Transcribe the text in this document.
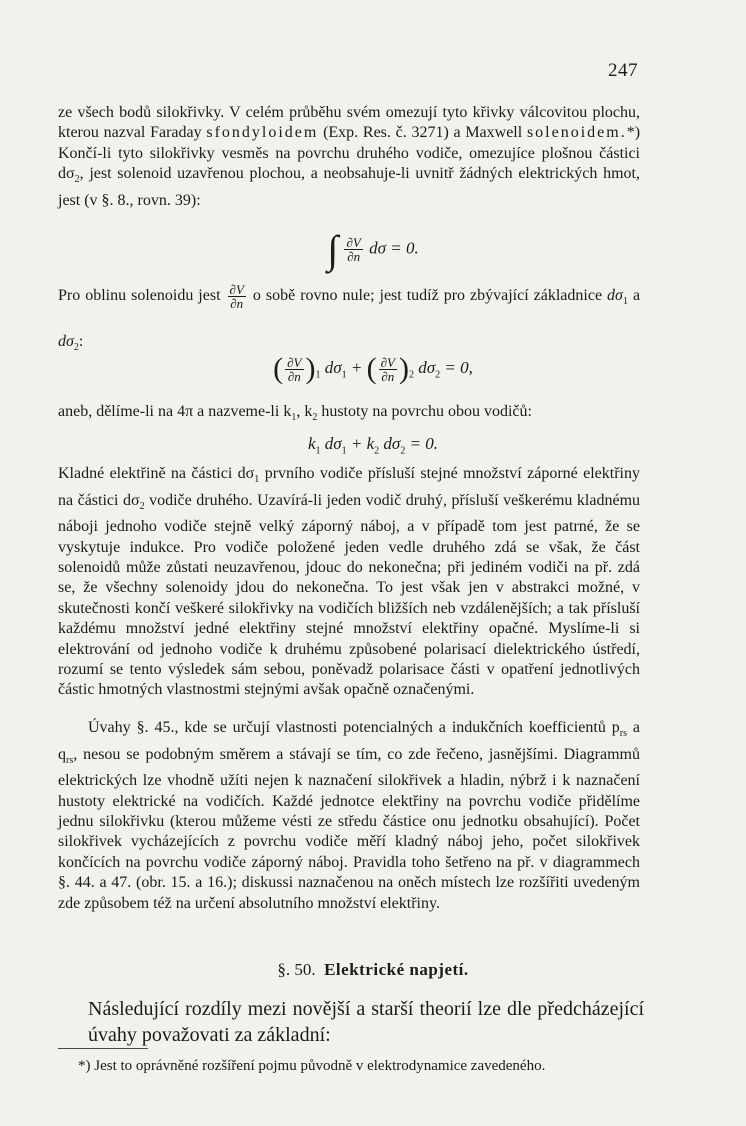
247
ze všech bodů silokřivky. V celém průběhu svém omezují tyto křivky válcovitou plochu, kterou nazval Faraday sfondyloidem (Exp. Res. č. 3271) a Maxwell solenoidem.*) Končí-li tyto silokřivky vesměs na povrchu druhého vodiče, omezujíce plošnou částici $d\sigma_2$, jest solenoid uzavřenou plochou, a neobsahuje-li uvnitř žádných elektrických hmot, jest (v §. 8., rovn. 39):
∫ $\frac{\partial V}{\partial n}$ dσ = 0.
Pro oblinu solenoidu jest $\frac{\partial V}{\partial n}$ o sobě rovno nule; jest tudíž pro zbývající základnice $d\sigma_1$ a $d\sigma_2$:
( $\frac{\partial V}{\partial n} )_1$ $d\sigma_1$ + ( $\frac{\partial V}{\partial n} )_2$ $d\sigma_2 = 0$,
aneb, dělíme-li na 4π a nazveme-li $k_1$, $k_2$ hustoty na povrchu obou vodičů:
$k_1$ $d\sigma_1 + k_2$ $d\sigma_2 = 0$.
Kladné elektřině na částici $d\sigma_1$ prvního vodiče přísluší stejné množství záporné elektřiny na částici $d\sigma_2$ vodiče druhého. Uzavírá-li jeden vodič druhý, přísluší veškerému kladnému náboji jednoho vodiče stejně velký záporný náboj, a v případě tom jest patrné, že se vyskytuje indukce. Pro vodiče položené jeden vedle druhého zdá se však, že část solenoidů může zůstati neuzavřenou, jdouc do nekonečna; při jediném vodiči na př. zdá se, že všechny solenoidy jdou do nekonečna. To jest však jen v abstrakci možné, v skutečnosti končí veškeré silokřivky na vodičích bližších neb vzdálenějších; a tak přísluší každému množství jedné elektřiny stejné množství elektřiny opačné. Myslíme-li si elektrování od jednoho vodiče k druhému způsobené polarisací dielektrického ústředí, rozumí se tento výsledek sám sebou, poněvadž polarisace části v opatření jednotlivých částic hmotných vlastnostmi stejnými avšak opačně označenými.
Úvahy §. 45., kde se určují vlastnosti potencialných a indukčních koefficientů $p_{rs}$ a $q_{rs}$, nesou se podobným směrem a stávají se tím, co zde řečeno, jasnějšími. Diagrammů elektrických lze vhodně užíti nejen k naznačení silokřivek a hladin, nýbrž i k naznačení hustoty elektrické na vodičích. Každé jednotce elektřiny na povrchu vodiče přidělíme jednu silokřivku (kterou můžeme vésti ze středu částice onu jednotku obsahující). Počet silokřivek vycházejících z povrchu vodiče měří kladný náboj jeho, počet silokřivek končících na povrchu vodiče záporný náboj. Pravidla toho šetřeno na př. v diagrammech §. 44. a 47. (obr. 15. a 16.); diskussi naznačenou na oněch místech lze rozšířiti uvedeným zde způsobem též na určení absolutního množství elektřiny.
§. 50. Elektrické napjetí.
Následující rozdíly mezi novější a starší theorií lze dle předcházející úvahy považovati za základní:
*) Jest to oprávněné rozšíření pojmu původně v elektrodynamice zavedeného.
